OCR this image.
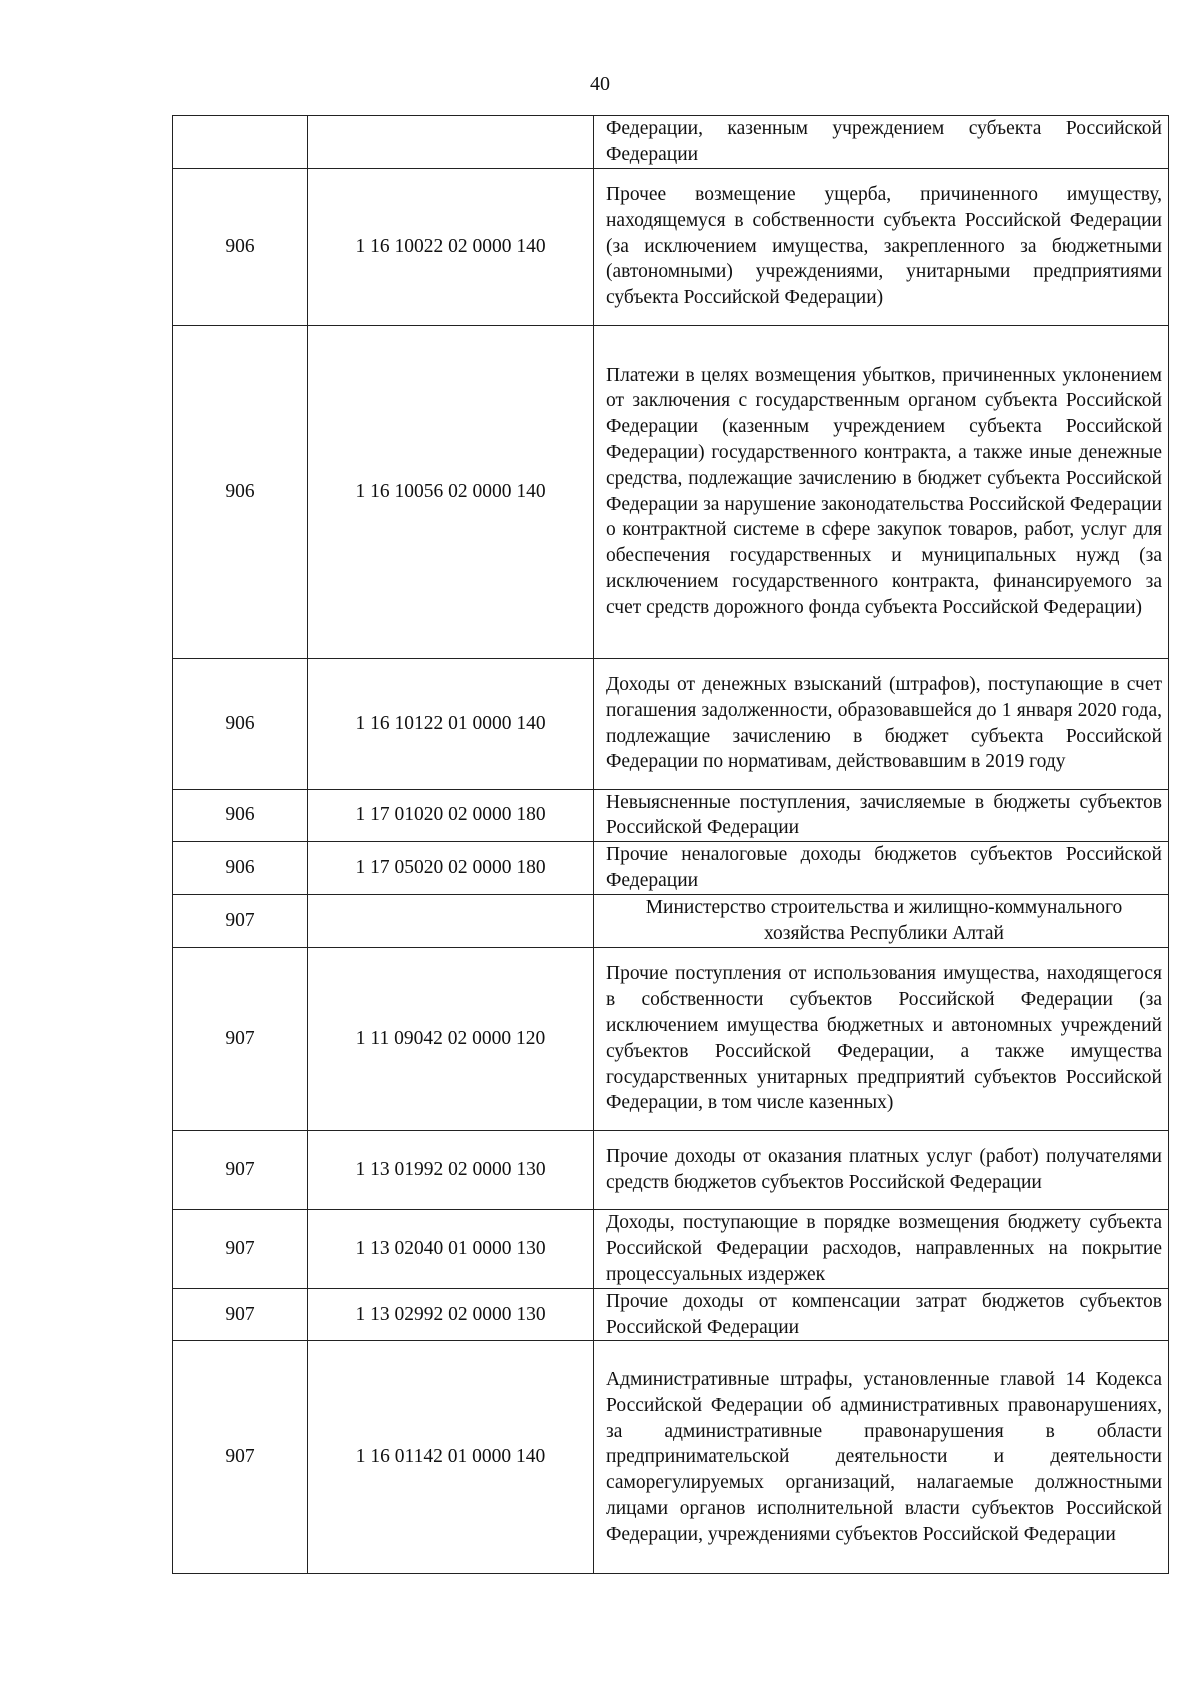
40
		Федерации, казенным учреждением субъекта Российской Федерации
906	1 16 10022 02 0000 140	Прочее возмещение ущерба, причиненного имуществу, находящемуся в собственности субъекта Российской Федерации (за исключением имущества, закрепленного за бюджетными (автономными) учреждениями, унитарными предприятиями субъекта Российской Федерации)
906	1 16 10056 02 0000 140	Платежи в целях возмещения убытков, причиненных уклонением от заключения с государственным органом субъекта Российской Федерации (казенным учреждением субъекта Российской Федерации) государственного контракта, а также иные денежные средства, подлежащие зачислению в бюджет субъекта Российской Федерации за нарушение законодательства Российской Федерации о контрактной системе в сфере закупок товаров, работ, услуг для обеспечения государственных и муниципальных нужд (за исключением государственного контракта, финансируемого за счет средств дорожного фонда субъекта Российской Федерации)
906	1 16 10122 01 0000 140	Доходы от денежных взысканий (штрафов), поступающие в счет погашения задолженности, образовавшейся до 1 января 2020 года, подлежащие зачислению в бюджет субъекта Российской Федерации по нормативам, действовавшим в 2019 году
906	1 17 01020 02 0000 180	Невыясненные поступления, зачисляемые в бюджеты субъектов Российской Федерации
906	1 17 05020 02 0000 180	Прочие неналоговые доходы бюджетов субъектов Российской Федерации
907		Министерство строительства и жилищно-коммунального хозяйства Республики Алтай
907	1 11 09042 02 0000 120	Прочие поступления от использования имущества, находящегося в собственности субъектов Российской Федерации (за исключением имущества бюджетных и автономных учреждений субъектов Российской Федерации, а также имущества государственных унитарных предприятий субъектов Российской Федерации, в том числе казенных)
907	1 13 01992 02 0000 130	Прочие доходы от оказания платных услуг (работ) получателями средств бюджетов субъектов Российской Федерации
907	1 13 02040 01 0000 130	Доходы, поступающие в порядке возмещения бюджету субъекта Российской Федерации расходов, направленных на покрытие процессуальных издержек
907	1 13 02992 02 0000 130	Прочие доходы от компенсации затрат бюджетов субъектов Российской Федерации
907	1 16 01142 01 0000 140	Административные штрафы, установленные главой 14 Кодекса Российской Федерации об административных правонарушениях, за административные правонарушения в области предпринимательской деятельности и деятельности саморегулируемых организаций, налагаемые должностными лицами органов исполнительной власти субъектов Российской Федерации, учреждениями субъектов Российской Федерации
